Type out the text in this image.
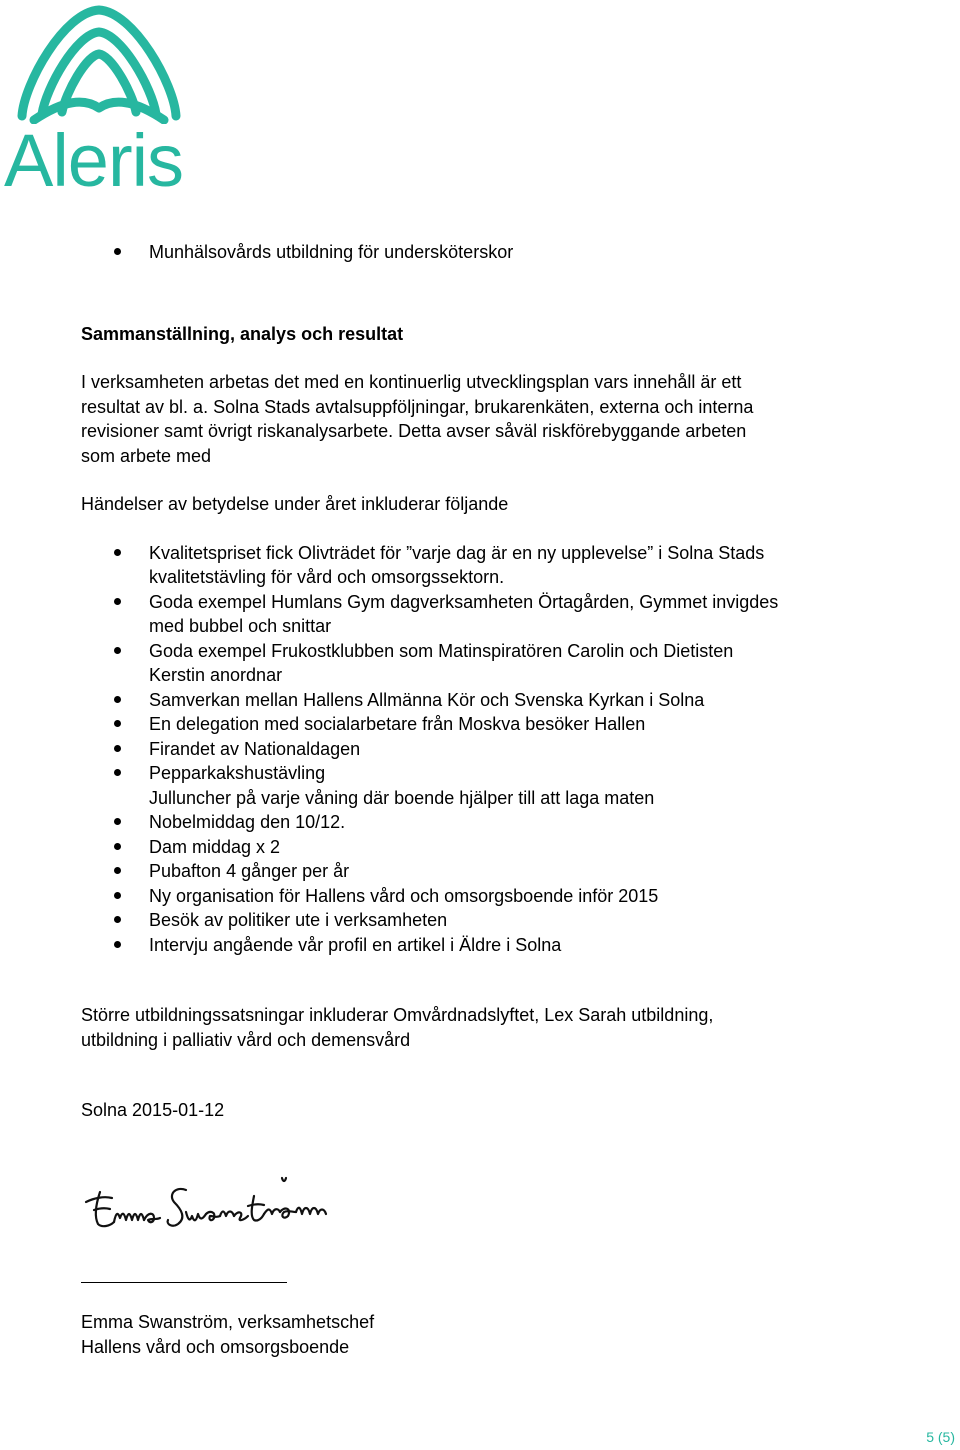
Aleris
Munhälsovårds utbildning för undersköterskor
Sammanställning, analys och resultat
I verksamheten arbetas det med en kontinuerlig utvecklingsplan vars innehåll är ett
resultat av bl. a. Solna Stads avtalsuppföljningar, brukarenkäten, externa och interna
revisioner samt övrigt riskanalysarbete. Detta avser såväl riskförebyggande arbeten
som arbete med
Händelser av betydelse under året inkluderar följande
Kvalitetspriset fick Olivträdet för ”varje dag är en ny upplevelse” i Solna Stads
kvalitetstävling för vård och omsorgssektorn.
Goda exempel Humlans Gym dagverksamheten Örtagården, Gymmet invigdes
med bubbel och snittar
Goda exempel Frukostklubben som Matinspiratören Carolin och Dietisten
Kerstin anordnar
Samverkan mellan Hallens Allmänna Kör och Svenska Kyrkan i Solna
En delegation med socialarbetare från Moskva besöker Hallen
Firandet av Nationaldagen
Pepparkakshustävling
Julluncher på varje våning där boende hjälper till att laga maten
Nobelmiddag den 10/12.
Dam middag x 2
Pubafton 4 gånger per år
Ny organisation för Hallens vård och omsorgsboende inför 2015
Besök av politiker ute i verksamheten
Intervju angående vår profil en artikel i Äldre i Solna
Större utbildningssatsningar inkluderar Omvårdnadslyftet, Lex Sarah utbildning,
utbildning i palliativ vård och demensvård
Solna 2015-01-12
Emma Swanström, verksamhetschef
Hallens vård och omsorgsboende
5 (5)
